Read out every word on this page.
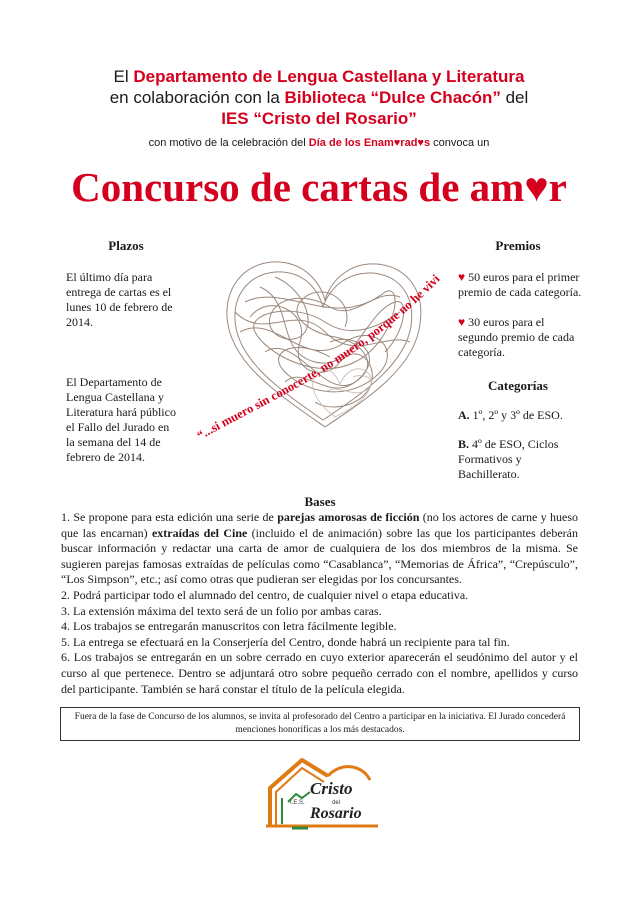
El Departamento de Lengua Castellana y Literatura
en colaboración con la Biblioteca “Dulce Chacón” del
IES “Cristo del Rosario”
con motivo de la celebración del Día de los Enam♥rad♥s convoca un
Concurso de cartas de am♥r
Plazos
El último día para entrega de cartas es el lunes 10 de febrero de 2014.
El Departamento de Lengua Castellana y Literatura hará público el Fallo del Jurado en la semana del 14 de febrero de 2014.
“...si muero sin conocerte, no muero, porque no he vivi
Premios
♥ 50 euros para el primer premio de cada categoría.
♥ 30 euros para el segundo premio de cada categoría.
Categorías
A. 1º, 2º y 3º de ESO.
B. 4º de ESO, Ciclos Formativos y Bachillerato.
Bases

1. Se propone para esta edición una serie de parejas amorosas de ficción (no los actores de carne y hueso que las encarnan) extraídas del Cine (incluido el de animación) sobre las que los participantes deberán buscar información y redactar una carta de amor de cualquiera de los dos miembros de la misma. Se sugieren parejas famosas extraídas de películas como “Casablanca”, “Memorias de África”, “Crepúsculo”, “Los Simpson”, etc.; así como otras que pudieran ser elegidas por los concursantes.

2. Podrá participar todo el alumnado del centro, de cualquier nivel o etapa educativa.

3. La extensión máxima del texto será de un folio por ambas caras.

4. Los trabajos se entregarán manuscritos con letra fácilmente legible.

5. La entrega se efectuará en la Conserjería del Centro, donde habrá un recipiente para tal fin.

6. Los trabajos se entregarán en un sobre cerrado en cuyo exterior aparecerán el seudónimo del autor y el curso al que pertenece. Dentro se adjuntará otro sobre pequeño cerrado con el nombre, apellidos y curso del participante. También se hará constar el título de la película elegida.

Fuera de la fase de Concurso de los alumnos, se invita al profesorado del Centro a participar en la iniciativa. El Jurado concederá menciones honoríficas a los más destacados.
I.E.S.
Cristo
del
Rosario
